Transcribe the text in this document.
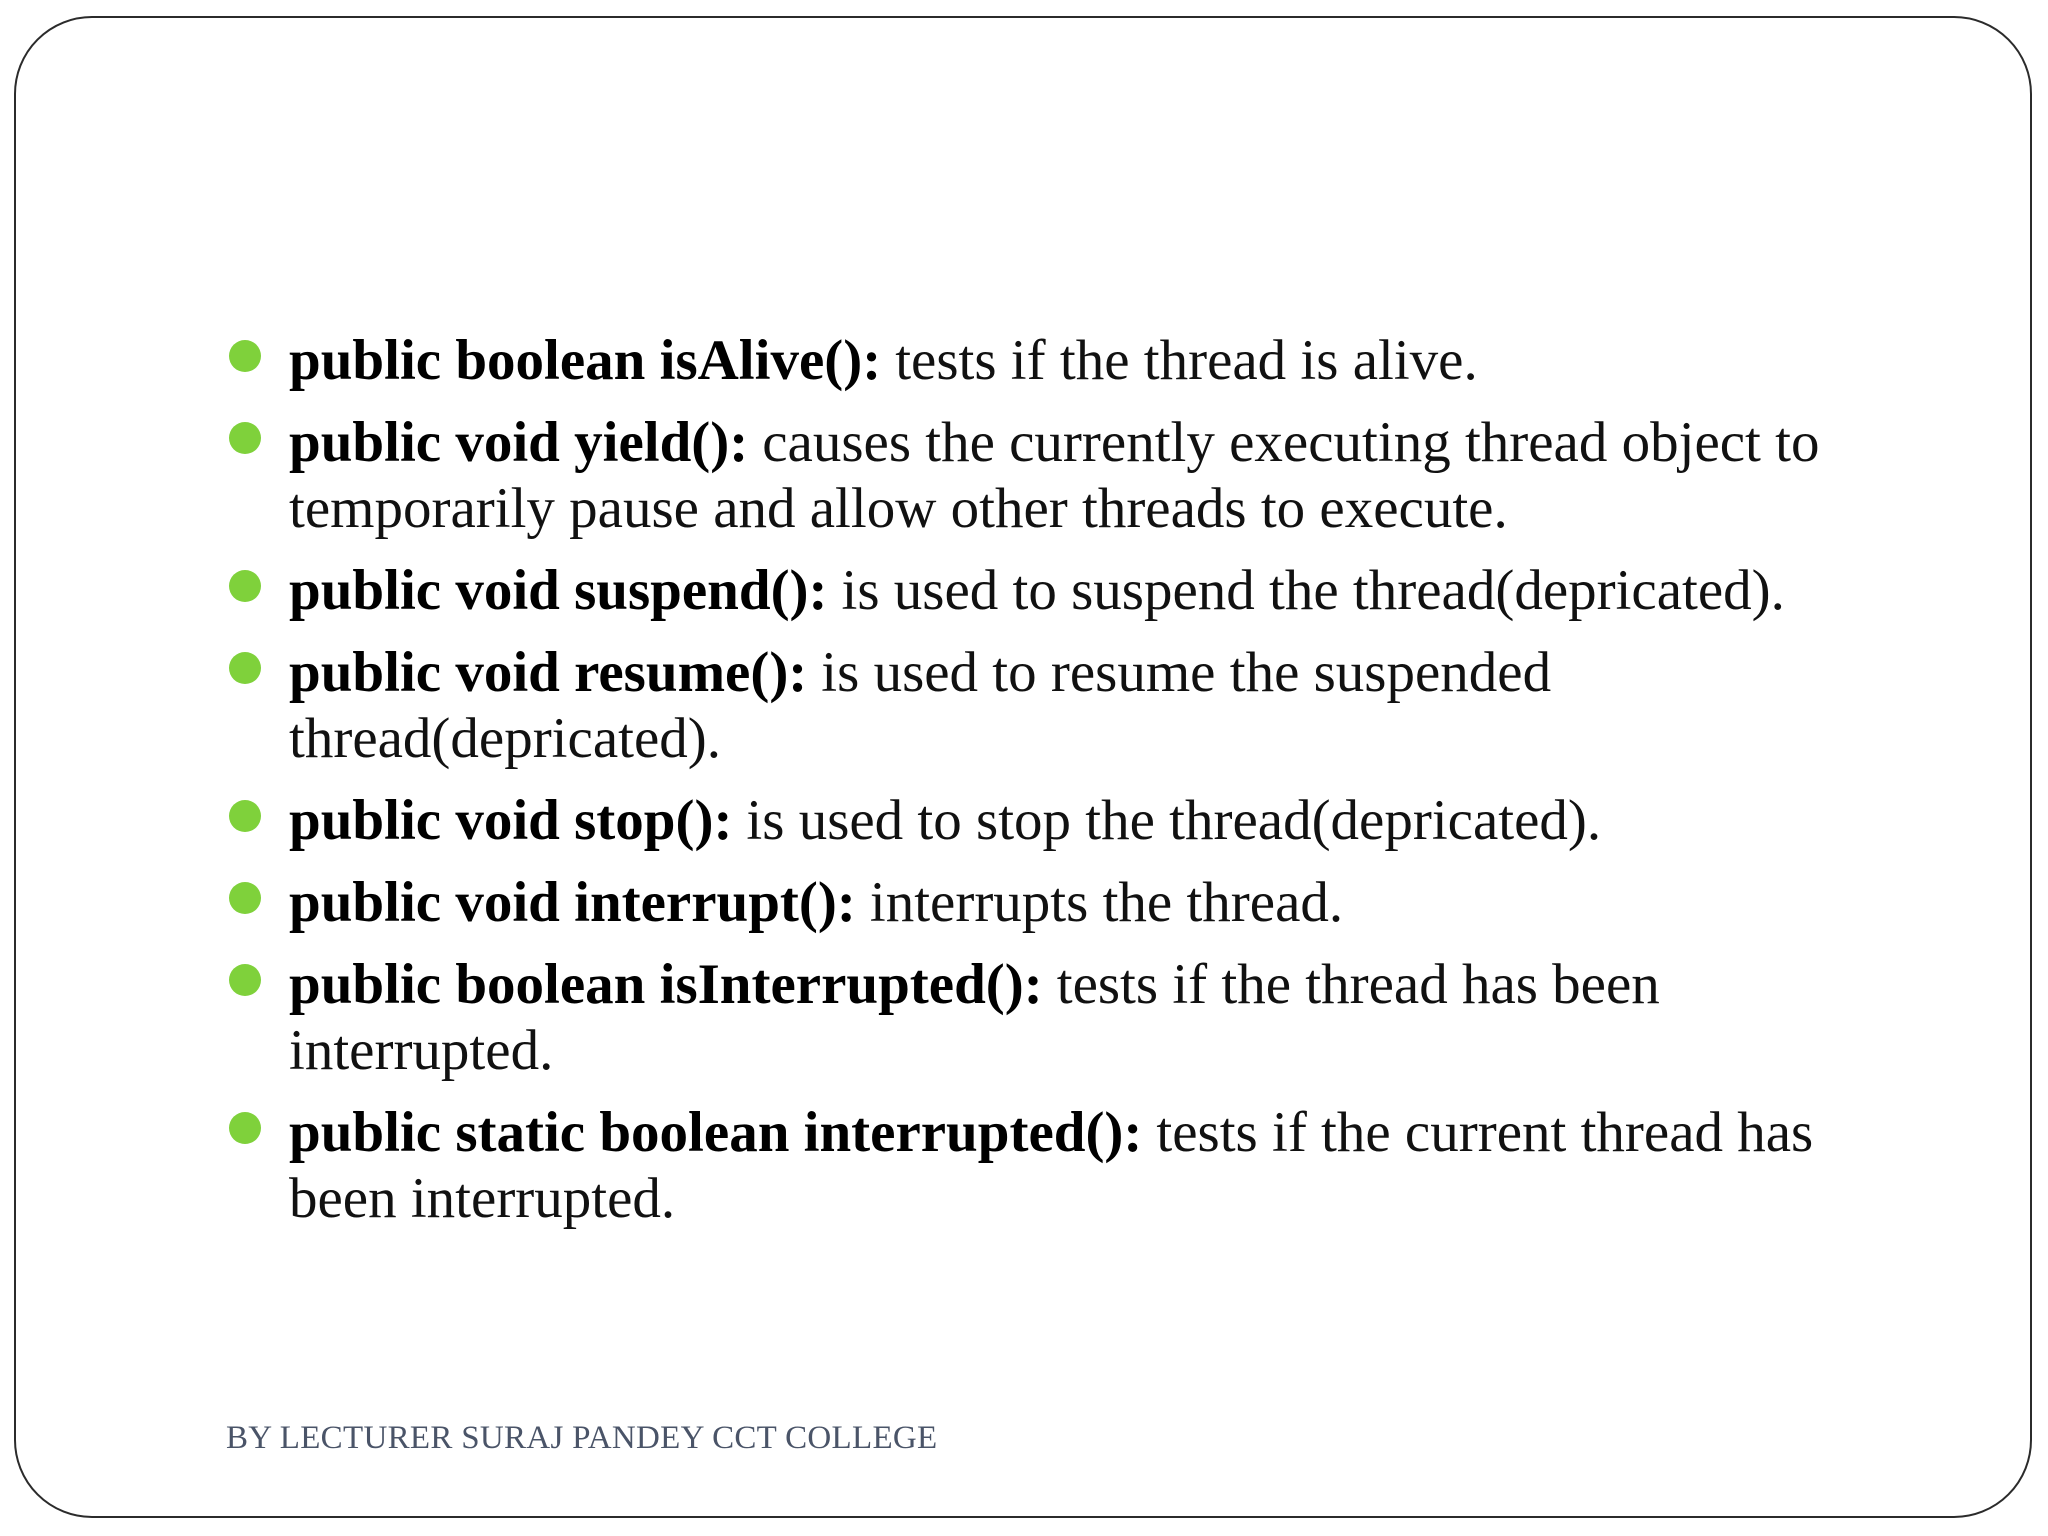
public boolean isAlive(): tests if the thread is alive.
public void yield(): causes the currently executing thread object to temporarily pause and allow other threads to execute.
public void suspend(): is used to suspend the thread(depricated).
public void resume(): is used to resume the suspended thread(depricated).
public void stop(): is used to stop the thread(depricated).
public void interrupt(): interrupts the thread.
public boolean isInterrupted(): tests if the thread has been interrupted.
public static boolean interrupted(): tests if the current thread has been interrupted.
BY LECTURER SURAJ PANDEY CCT COLLEGE
